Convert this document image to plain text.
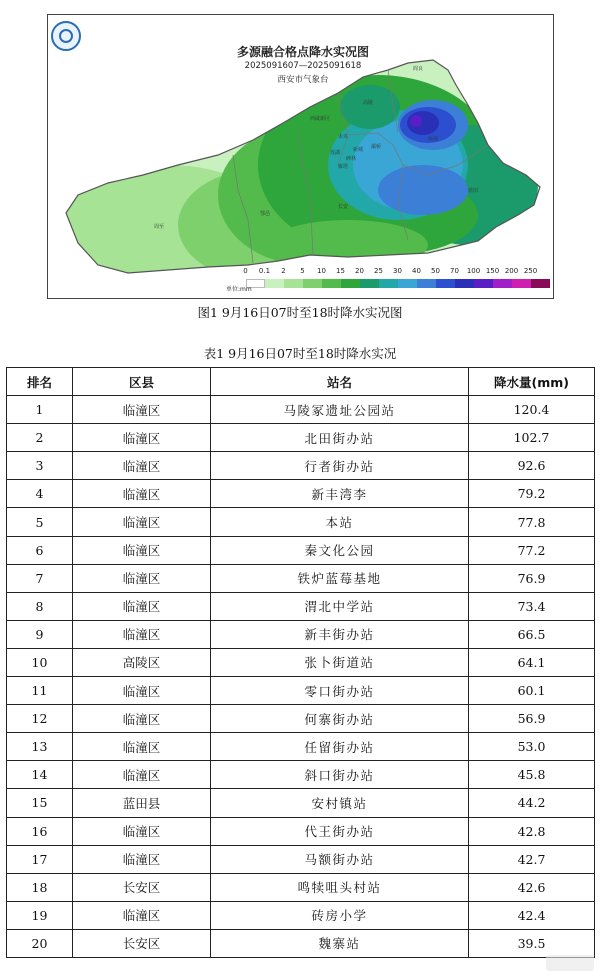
多源融合格点降水实况图
2025091607—2025091618
西安市气象台
阎良
高陵
西咸新区
临潼
未央
灞桥
碑林
莲湖	新城
雁塔
长安
蓝田
鄠邑
周至
0	0.1	2	5	10	15	20	25	30	40	50	70	100 150 200 250
单位:mm
图1 9月16日07时至18时降水实况图
表1 9月16日07时至18时降水实况
排名	区县	站名	降水量(mm)
1	临潼区	马陵冢遗址公园站	120.4
2	临潼区	北田街办站	102.7
3	临潼区	行者街办站	92.6
4	临潼区	新丰湾李	79.2
5	临潼区	本站	77.8
6	临潼区	秦文化公园	77.2
7	临潼区	铁炉蓝莓基地	76.9
8	临潼区	渭北中学站	73.4
9	临潼区	新丰街办站	66.5
10	高陵区	张卜街道站	64.1
11	临潼区	零口街办站	60.1
12	临潼区	何寨街办站	56.9
13	临潼区	任留街办站	53.0
14	临潼区	斜口街办站	45.8
15	蓝田县	安村镇站	44.2
16	临潼区	代王街办站	42.8
17	临潼区	马额街办站	42.7
18	长安区	鸣犊咀头村站	42.6
19	临潼区	砖房小学	42.4
20	长安区	魏寨站	39.5
